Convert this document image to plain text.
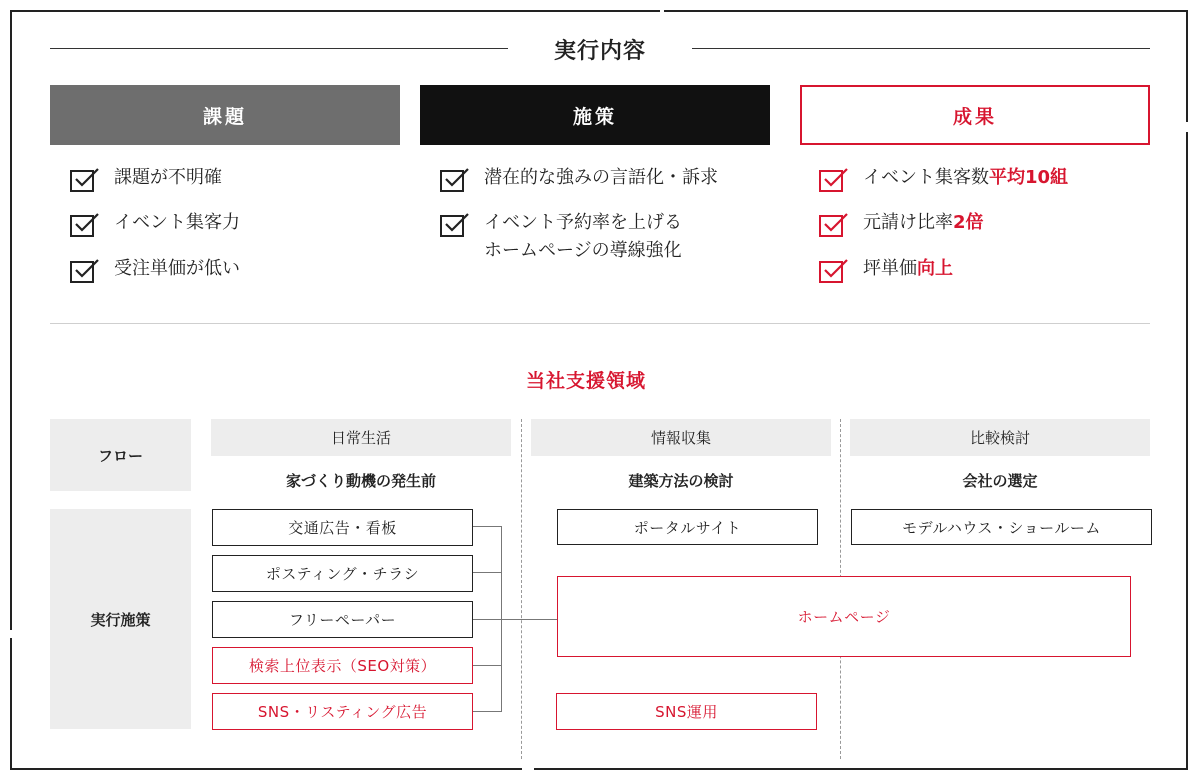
実行内容
課題	施策	成果
課題が不明確
イベント集客力
受注単価が低い
潜在的な強みの言語化・訴求
イベント予約率を上げる
ホームページの導線強化
イベント集客数平均10組
元請け比率2倍
坪単価向上
当社支援領域
フロー
日常生活	情報収集	比較検討
家づくり動機の発生前	建築方法の検討	会社の選定
実行施策
交通広告・看板
ポスティング・チラシ
フリーペーパー
検索上位表示（SEO対策）
SNS・リスティング広告
ポータルサイト
SNS運用
モデルハウス・ショールーム
ホームページ
